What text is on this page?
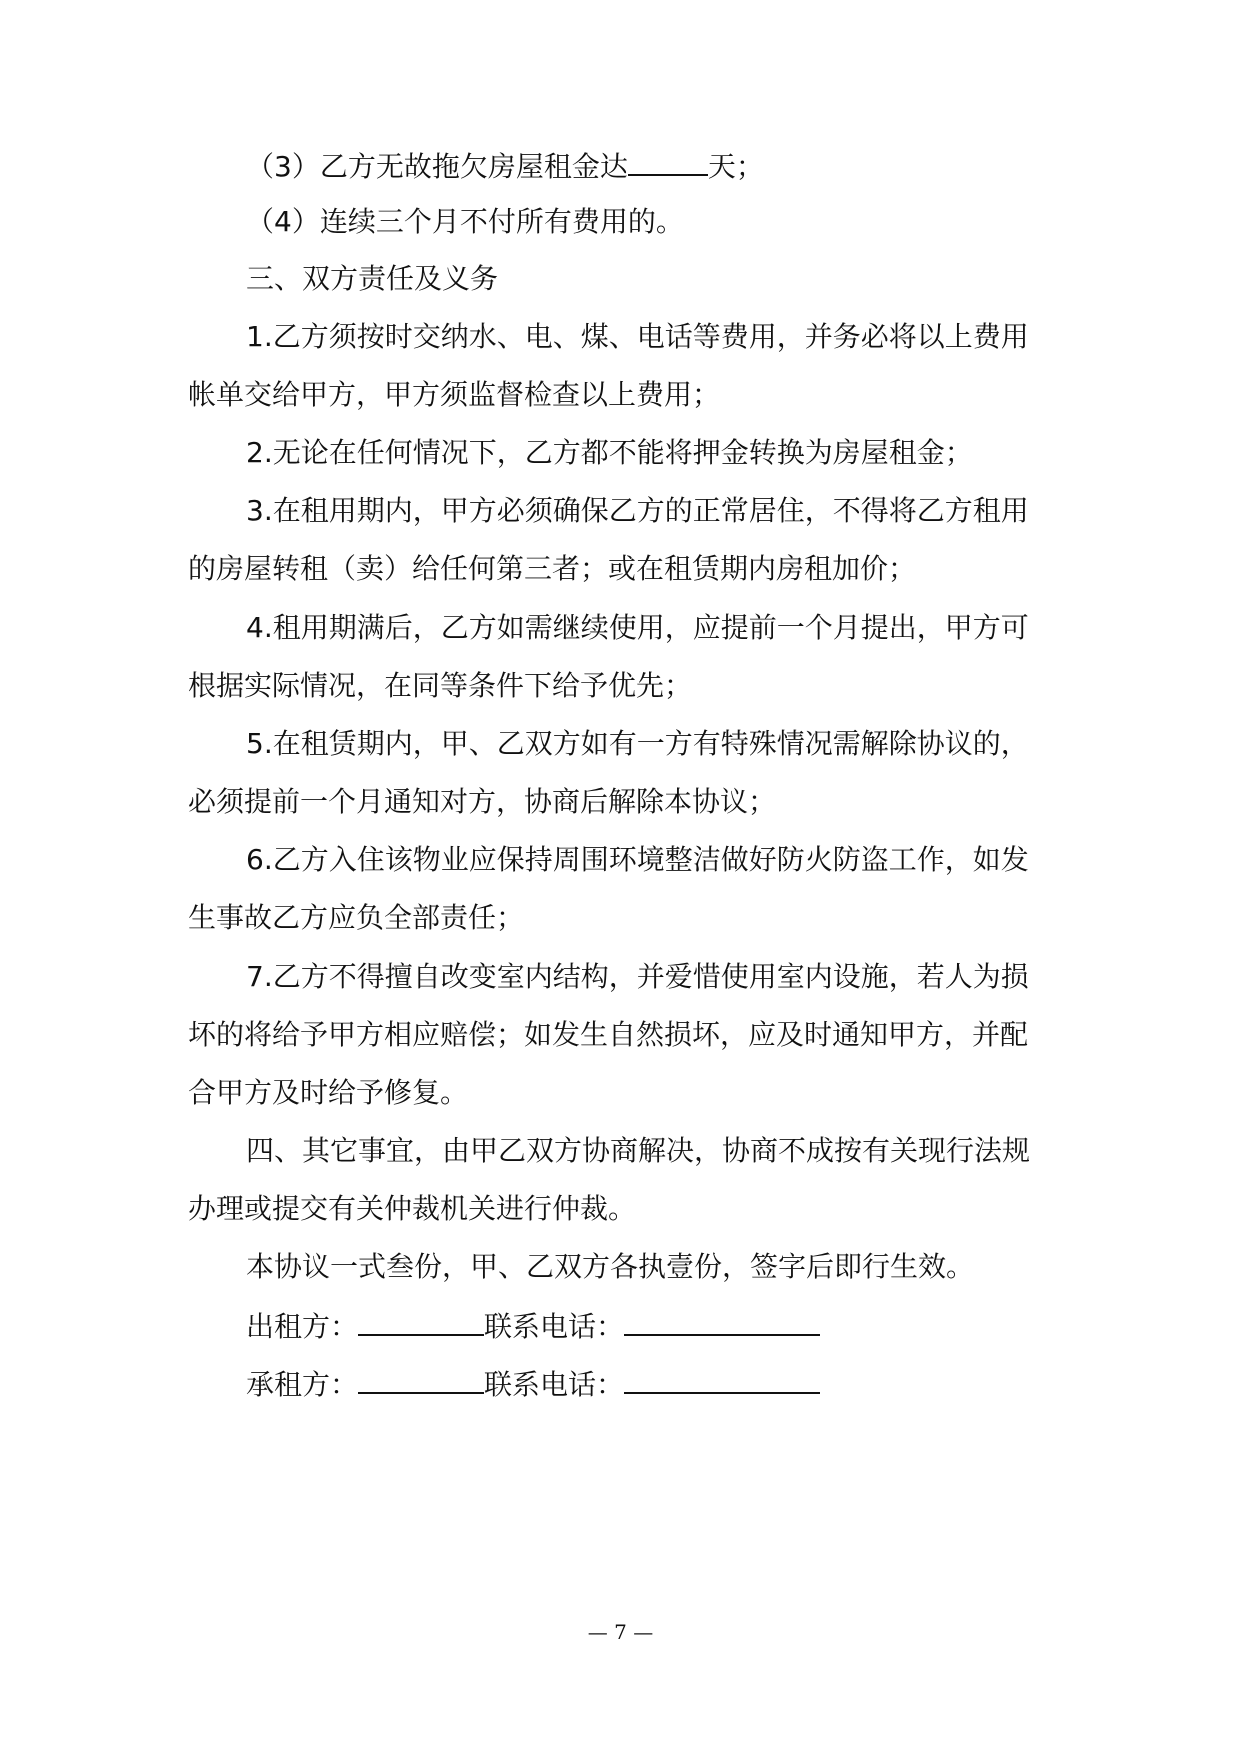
（3）乙方无故拖欠房屋租金达	天；

（4）连续三个月不付所有费用的。

三、双方责任及义务

1.乙方须按时交纳水、电、煤、电话等费用，并务必将以上费用

帐单交给甲方，甲方须监督检查以上费用；

2.无论在任何情况下，乙方都不能将押金转换为房屋租金；

3.在租用期内，甲方必须确保乙方的正常居住，不得将乙方租用

的房屋转租（卖）给任何第三者；或在租赁期内房租加价；

4.租用期满后，乙方如需继续使用，应提前一个月提出，甲方可

根据实际情况，在同等条件下给予优先；

5.在租赁期内，甲、乙双方如有一方有特殊情况需解除协议的，

必须提前一个月通知对方，协商后解除本协议；

6.乙方入住该物业应保持周围环境整洁做好防火防盗工作，如发

生事故乙方应负全部责任；

7.乙方不得擅自改变室内结构，并爱惜使用室内设施，若人为损

坏的将给予甲方相应赔偿；如发生自然损坏，应及时通知甲方，并配

合甲方及时给予修复。

四、其它事宜，由甲乙双方协商解决，协商不成按有关现行法规

办理或提交有关仲裁机关进行仲裁。

本协议一式叁份，甲、乙双方各执壹份，签字后即行生效。

出租方：	联系电话：

承租方：	联系电话：

— 7 —
